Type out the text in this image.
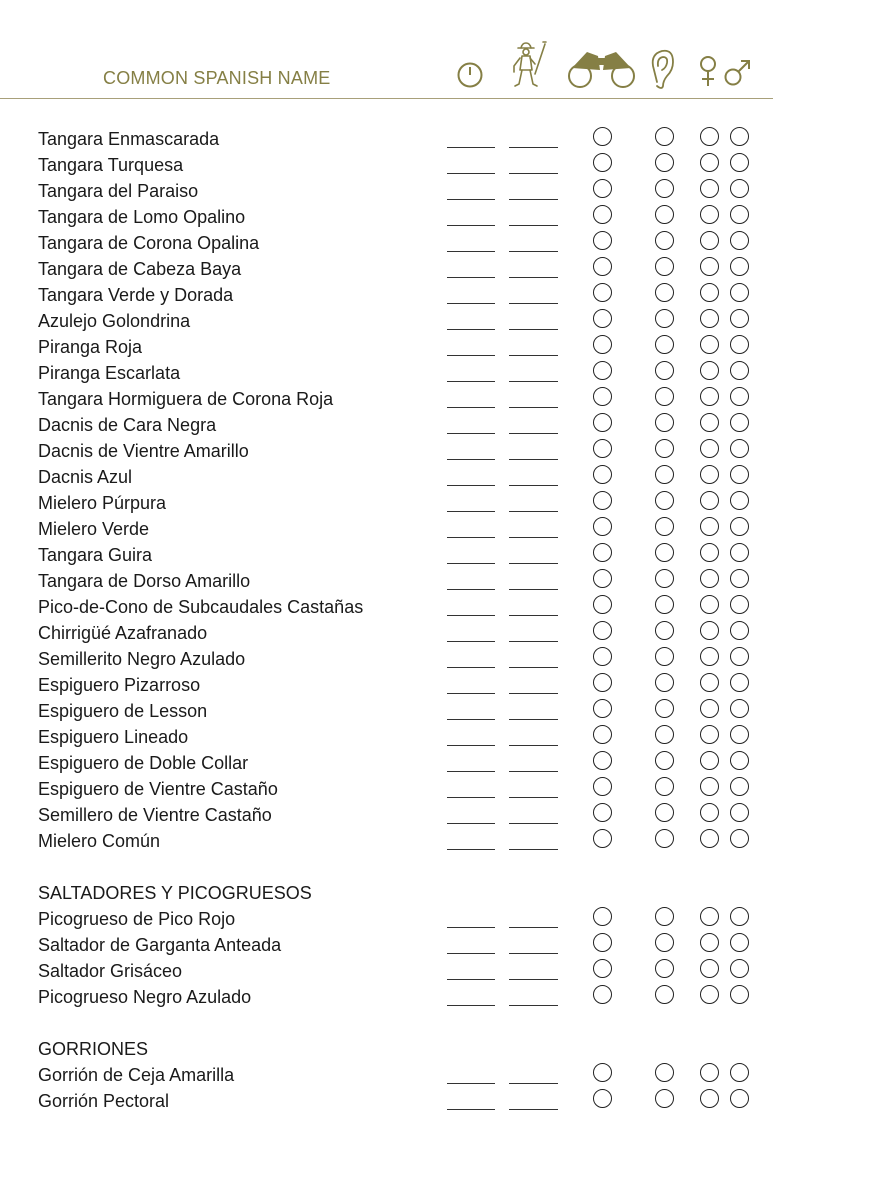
COMMON SPANISH NAME
Tangara Enmascarada
Tangara Turquesa
Tangara del Paraiso
Tangara de Lomo Opalino
Tangara de Corona Opalina
Tangara de Cabeza Baya
Tangara Verde y Dorada
Azulejo Golondrina
Piranga Roja
Piranga Escarlata
Tangara Hormiguera de Corona Roja
Dacnis de Cara Negra
Dacnis de Vientre Amarillo
Dacnis Azul
Mielero Púrpura
Mielero Verde
Tangara Guira
Tangara de Dorso Amarillo
Pico-de-Cono de Subcaudales Castañas
Chirrigüé Azafranado
Semillerito Negro Azulado
Espiguero Pizarroso
Espiguero de Lesson
Espiguero Lineado
Espiguero de Doble Collar
Espiguero de Vientre Castaño
Semillero de Vientre Castaño
Mielero Común
SALTADORES Y PICOGRUESOS
Picogrueso de Pico Rojo
Saltador de Garganta Anteada
Saltador Grisáceo
Picogrueso Negro Azulado
GORRIONES
Gorrión de Ceja Amarilla
Gorrión Pectoral
